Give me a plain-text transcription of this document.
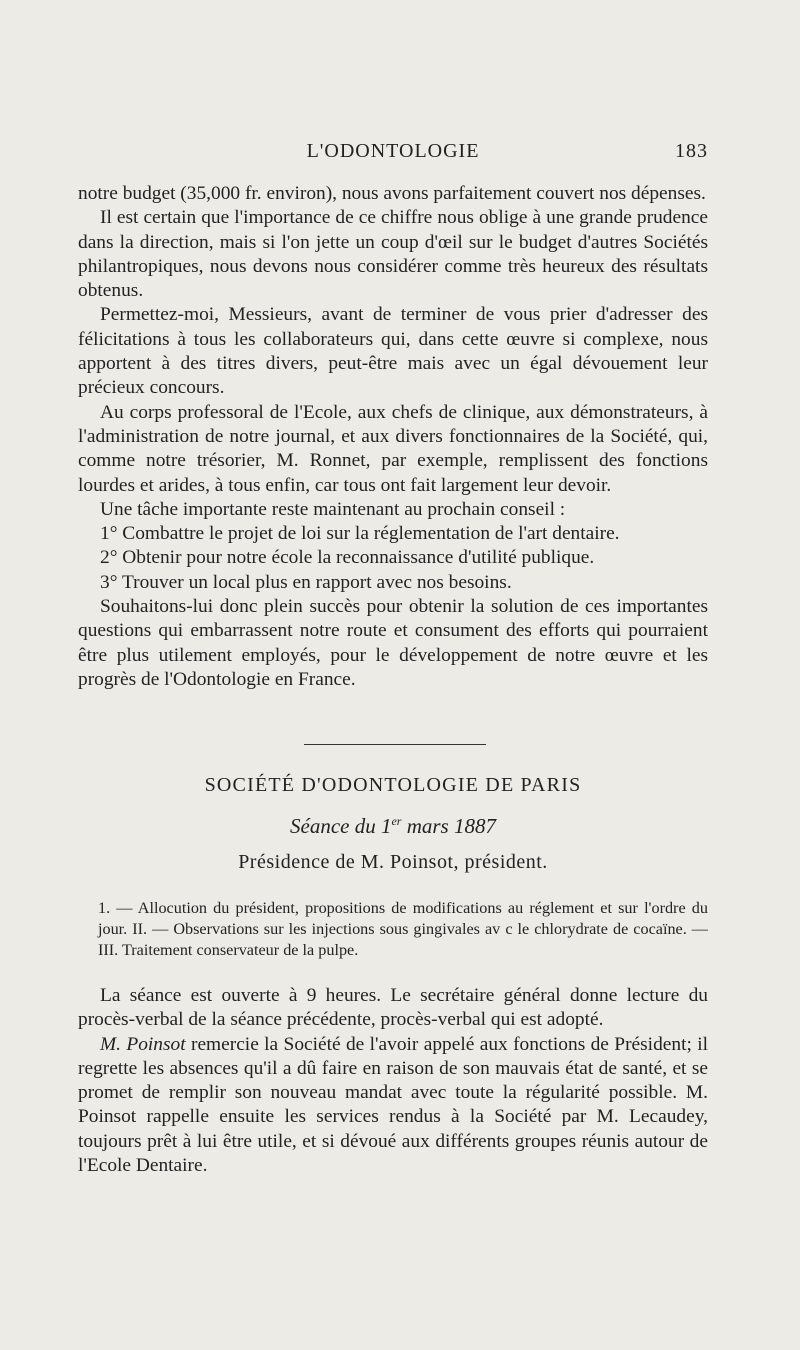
L'ODONTOLOGIE	183

notre budget (35,000 fr. environ), nous avons parfaitement couvert nos dépenses.

Il est certain que l'importance de ce chiffre nous oblige à une grande prudence dans la direction, mais si l'on jette un coup d'œil sur le budget d'autres Sociétés philantropiques, nous devons nous considérer comme très heureux des résultats obtenus.

Permettez-moi, Messieurs, avant de terminer de vous prier d'adresser des félicitations à tous les collaborateurs qui, dans cette œuvre si complexe, nous apportent à des titres divers, peut-être mais avec un égal dévouement leur précieux concours.

Au corps professoral de l'Ecole, aux chefs de clinique, aux démonstrateurs, à l'administration de notre journal, et aux divers fonctionnaires de la Société, qui, comme notre trésorier, M. Ronnet, par exemple, remplissent des fonctions lourdes et arides, à tous enfin, car tous ont fait largement leur devoir.

Une tâche importante reste maintenant au prochain conseil :

1° Combattre le projet de loi sur la réglementation de l'art dentaire.

2° Obtenir pour notre école la reconnaissance d'utilité publique.

3° Trouver un local plus en rapport avec nos besoins.

Souhaitons-lui donc plein succès pour obtenir la solution de ces importantes questions qui embarrassent notre route et consument des efforts qui pourraient être plus utilement employés, pour le développement de notre œuvre et les progrès de l'Odontologie en France.

SOCIÉTÉ D'ODONTOLOGIE DE PARIS
Séance du 1er mars 1887
Présidence de M. Poinsot, président.
1. — Allocution du président, propositions de modifications au réglement et sur l'ordre du jour. II. — Observations sur les injections sous gingivales av c le chlorydrate de cocaïne. — III. Traitement conservateur de la pulpe.

La séance est ouverte à 9 heures. Le secrétaire général donne lecture du procès-verbal de la séance précédente, procès-verbal qui est adopté.

M. Poinsot remercie la Société de l'avoir appelé aux fonctions de Président; il regrette les absences qu'il a dû faire en raison de son mauvais état de santé, et se promet de remplir son nouveau mandat avec toute la régularité possible. M. Poinsot rappelle ensuite les services rendus à la Société par M. Lecaudey, toujours prêt à lui être utile, et si dévoué aux différents groupes réunis autour de l'Ecole Dentaire.
